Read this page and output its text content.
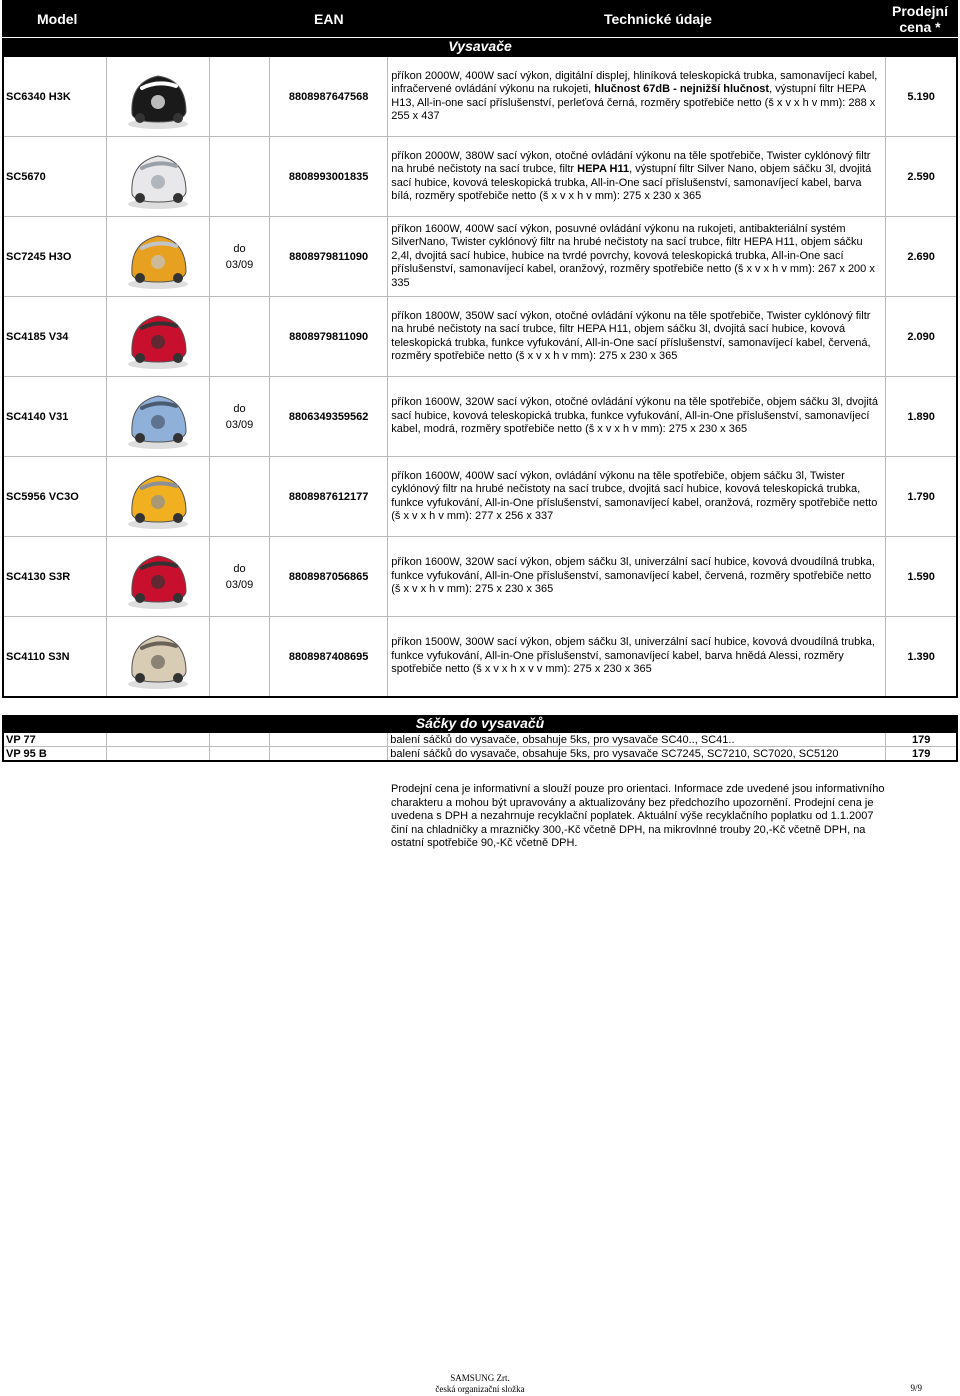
Model	EAN	Technické údaje	Prodejní
cena *
Vysavače
SC6340 H3K			8808987647568	příkon 2000W, 400W sací výkon, digitální displej, hliníková teleskopická trubka, samonavíjecí kabel, infračervené ovládání výkonu na rukojeti, hlučnost 67dB - nejnižší hlučnost, výstupní filtr HEPA H13, All-in-one sací příslušenství, perleťová černá, rozměry spotřebiče netto (š x v x h v mm): 288 x 255 x 437	5.190
SC5670			8808993001835	příkon 2000W, 380W sací výkon, otočné ovládání výkonu na těle spotřebiče, Twister cyklónový filtr na hrubé nečistoty na sací trubce, filtr HEPA H11, výstupní filtr Silver Nano, objem sáčku 3l, dvojitá sací hubice, kovová teleskopická trubka, All-in-One sací příslušenství, samonavíjecí kabel, barva bílá, rozměry spotřebiče netto (š x v x h v mm): 275 x 230 x 365	2.590
SC7245 H3O		do
03/09	8808979811090	příkon 1600W, 400W sací výkon, posuvné ovládání výkonu na rukojeti, antibakteriální systém SilverNano, Twister cyklónový filtr na hrubé nečistoty na sací trubce, filtr HEPA H11, objem sáčku 2,4l, dvojitá sací hubice, hubice na tvrdé povrchy, kovová teleskopická trubka, All-in-One sací příslušenství, samonavíjecí kabel, oranžový, rozměry spotřebiče netto (š x v x h v mm): 267 x 200 x 335	2.690
SC4185 V34			8808979811090	příkon 1800W, 350W sací výkon, otočné ovládání výkonu na těle spotřebiče, Twister cyklónový filtr na hrubé nečistoty na sací trubce, filtr HEPA H11, objem sáčku 3l, dvojitá sací hubice, kovová teleskopická trubka, funkce vyfukování, All-in-One sací příslušenství, samonavíjecí kabel, červená, rozměry spotřebiče netto (š x v x h v mm): 275 x 230 x 365	2.090
SC4140 V31		do
03/09	8806349359562	příkon 1600W, 320W sací výkon, otočné ovládání výkonu na těle spotřebiče, objem sáčku 3l, dvojitá sací hubice, kovová teleskopická trubka, funkce vyfukování, All-in-One příslušenství, samonavíjecí kabel, modrá, rozměry spotřebiče netto (š x v x h v mm): 275 x 230 x 365	1.890
SC5956 VC3O			8808987612177	příkon 1600W, 400W sací výkon, ovládání výkonu na těle spotřebiče, objem sáčku 3l, Twister cyklónový filtr na hrubé nečistoty na sací trubce, dvojitá sací hubice, kovová teleskopická trubka, funkce vyfukování, All-in-One příslušenství, samonavíjecí kabel, oranžová, rozměry spotřebiče netto (š x v x h v mm): 277 x 256 x 337	1.790
SC4130 S3R		do
03/09	8808987056865	příkon 1600W, 320W sací výkon, objem sáčku 3l, univerzální sací hubice, kovová dvoudílná trubka, funkce vyfukování, All-in-One příslušenství, samonavíjecí kabel, červená, rozměry spotřebiče netto (š x v x h v mm): 275 x 230 x 365	1.590
SC4110 S3N			8808987408695	příkon 1500W, 300W sací výkon, objem sáčku 3l, univerzální sací hubice, kovová dvoudílná trubka, funkce vyfukování, All-in-One příslušenství, samonavíjecí kabel, barva hnědá Alessi, rozměry spotřebiče netto (š x v x h x v v mm): 275 x 230 x 365	1.390
Sáčky do vysavačů
VP 77				balení sáčků do vysavače, obsahuje 5ks, pro vysavače SC40.., SC41..	179
VP 95 B				balení sáčků do vysavače, obsahuje 5ks, pro vysavače SC7245, SC7210, SC7020, SC5120	179
Prodejní cena je informativní a slouží pouze pro orientaci. Informace zde uvedené jsou informativního charakteru a mohou být upravovány a aktualizovány bez předchozího upozornění. Prodejní cena je uvedena s DPH a nezahrnuje recyklační poplatek. Aktuální výše recyklačního poplatku od 1.1.2007 činí na chladničky a mrazničky 300,-Kč včetně DPH, na mikrovlnné trouby 20,-Kč včetně DPH, na ostatní spotřebiče 90,-Kč včetně DPH.
SAMSUNG Zrt.
česká organizační složka	9/9
